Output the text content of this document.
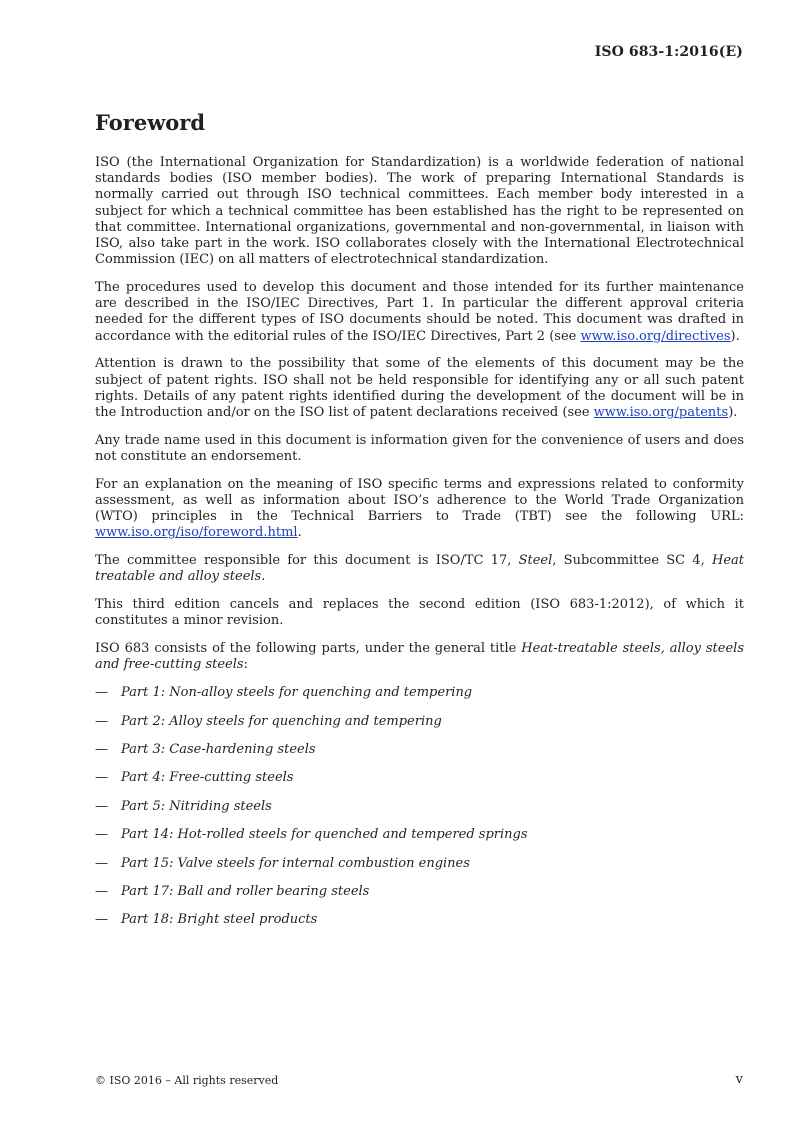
ISO 683-1:2016(E)
Foreword

ISO (the International Organization for Standardization) is a worldwide federation of national standards bodies (ISO member bodies). The work of preparing International Standards is normally carried out through ISO technical committees. Each member body interested in a subject for which a technical committee has been established has the right to be represented on that committee. International organizations, governmental and non-governmental, in liaison with ISO, also take part in the work. ISO collaborates closely with the International Electrotechnical Commission (IEC) on all matters of electrotechnical standardization.

The procedures used to develop this document and those intended for its further maintenance are described in the ISO/IEC Directives, Part 1. In particular the different approval criteria needed for the different types of ISO documents should be noted. This document was drafted in accordance with the editorial rules of the ISO/IEC Directives, Part 2 (see www.iso.org/directives).

Attention is drawn to the possibility that some of the elements of this document may be the subject of patent rights. ISO shall not be held responsible for identifying any or all such patent rights. Details of any patent rights identified during the development of the document will be in the Introduction and/or on the ISO list of patent declarations received (see www.iso.org/patents).

Any trade name used in this document is information given for the convenience of users and does not constitute an endorsement.

For an explanation on the meaning of ISO specific terms and expressions related to conformity assessment, as well as information about ISO’s adherence to the World Trade Organization (WTO) principles in the Technical Barriers to Trade (TBT) see the following URL: www.iso.org/iso/foreword.html.

The committee responsible for this document is ISO/TC 17, Steel, Subcommittee SC 4, Heat treatable and alloy steels.

This third edition cancels and replaces the second edition (ISO 683-1:2012), of which it constitutes a minor revision.

ISO 683 consists of the following parts, under the general title Heat-treatable steels, alloy steels and free-cutting steels:

— Part 1: Non-alloy steels for quenching and tempering
— Part 2: Alloy steels for quenching and tempering
— Part 3: Case-hardening steels
— Part 4: Free-cutting steels
— Part 5: Nitriding steels
— Part 14: Hot-rolled steels for quenched and tempered springs
— Part 15: Valve steels for internal combustion engines
— Part 17: Ball and roller bearing steels
— Part 18: Bright steel products
© ISO 2016 – All rights reserved	v
